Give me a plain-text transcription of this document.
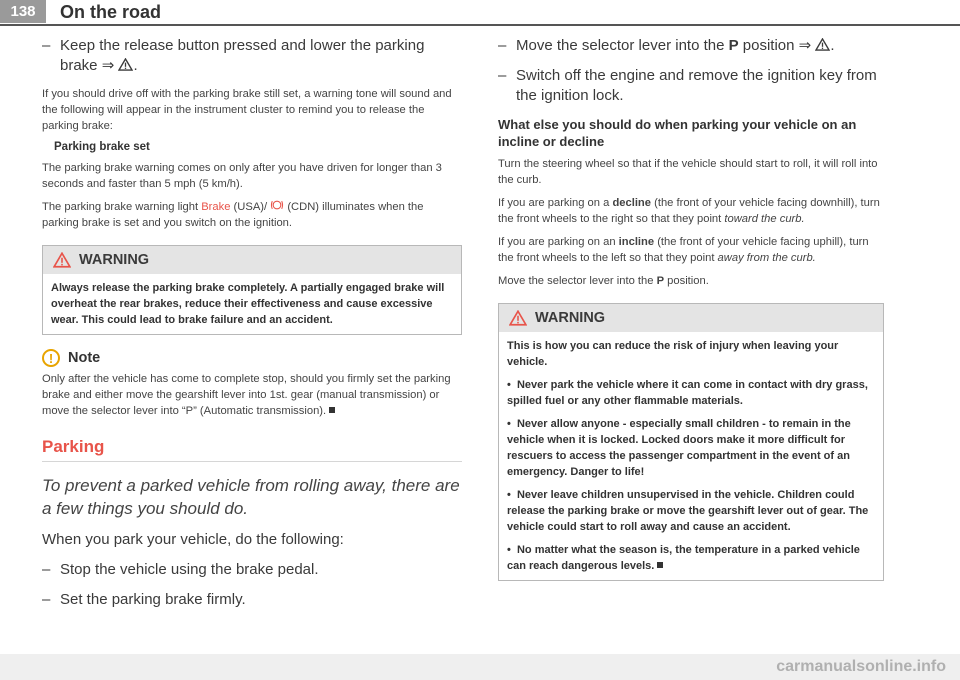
138	On the road

– Keep the release button pressed and lower the parking brake ⇒ .

If you should drive off with the parking brake still set, a warning tone will sound and the following will appear in the instrument cluster to remind you to release the parking brake:

Parking brake set

The parking brake warning comes on only after you have driven for longer than 3 seconds and faster than 5 mph (5 km/h).

The parking brake warning light Brake (USA)/  (CDN) illuminates when the parking brake is set and you switch on the ignition.

WARNING

Always release the parking brake completely. A partially engaged brake will overheat the rear brakes, reduce their effectiveness and cause excessive wear. This could lead to brake failure and an accident.

!	Note

Only after the vehicle has come to complete stop, should you firmly set the parking brake and either move the gearshift lever into 1st. gear (manual transmission) or move the selector lever into “P” (Automatic transmission).

Parking

To prevent a parked vehicle from rolling away, there are a few things you should do.

When you park your vehicle, do the following:

– Stop the vehicle using the brake pedal.

– Set the parking brake firmly.

– Move the selector lever into the P position ⇒ .

– Switch off the engine and remove the ignition key from the ignition lock.

What else you should do when parking your vehicle on an incline or decline

Turn the steering wheel so that if the vehicle should start to roll, it will roll into the curb.

If you are parking on a decline (the front of your vehicle facing downhill), turn the front wheels to the right so that they point toward the curb.

If you are parking on an incline (the front of your vehicle facing uphill), turn the front wheels to the left so that they point away from the curb.

Move the selector lever into the P position.

WARNING

This is how you can reduce the risk of injury when leaving your vehicle.

•  Never park the vehicle where it can come in contact with dry grass, spilled fuel or any other flammable materials.

•  Never allow anyone - especially small children - to remain in the vehicle when it is locked. Locked doors make it more difficult for rescuers to access the passenger compartment in the event of an emergency. Danger to life!

•  Never leave children unsupervised in the vehicle. Children could release the parking brake or move the gearshift lever out of gear. The vehicle could start to roll away and cause an accident.

•  No matter what the season is, the temperature in a parked vehicle can reach dangerous levels.

carmanualsonline.info
